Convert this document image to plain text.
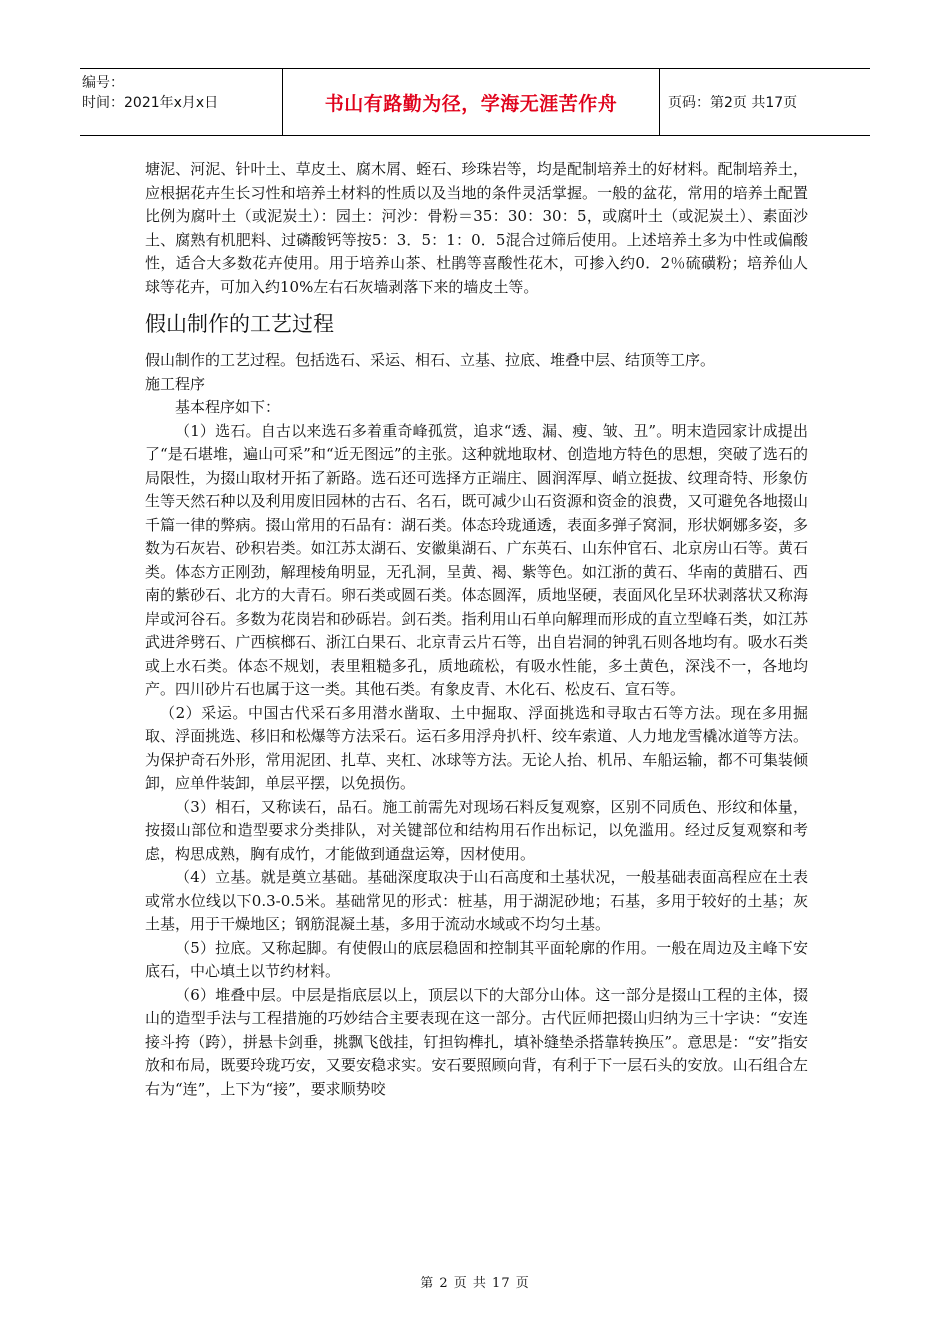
编号：
时间：2021年x月x日	书山有路勤为径，学海无涯苦作舟	页码：第2页 共17页

塘泥、河泥、针叶土、草皮土、腐木屑、蛭石、珍珠岩等，均是配制培养土的好材料。配制培养土，应根据花卉生长习性和培养土材料的性质以及当地的条件灵活掌握。一般的盆花，常用的培养土配置比例为腐叶土（或泥炭土）：园土：河沙：骨粉＝35：30：30：5，或腐叶土（或泥炭土）、素面沙土、腐熟有机肥料、过磷酸钙等按5：3．5：1：0．5混合过筛后使用。上述培养土多为中性或偏酸性，适合大多数花卉使用。用于培养山茶、杜鹃等喜酸性花木，可掺入约0．2％硫磺粉；培养仙人球等花卉，可加入约10%左右石灰墙剥落下来的墙皮土等。

假山制作的工艺过程

假山制作的工艺过程。包括选石、采运、相石、立基、拉底、堆叠中层、结顶等工序。

施工程序

基本程序如下：

（1）选石。自古以来选石多着重奇峰孤赏，追求“透、漏、瘦、皱、丑”。明末造园家计成提出了“是石堪堆，遍山可采”和“近无图远”的主张。这种就地取材、创造地方特色的思想，突破了选石的局限性，为掇山取材开拓了新路。选石还可选择方正端庄、圆润浑厚、峭立挺拔、纹理奇特、形象仿生等天然石种以及利用废旧园林的古石、名石，既可减少山石资源和资金的浪费，又可避免各地掇山千篇一律的弊病。掇山常用的石品有：湖石类。体态玲珑通透，表面多弹子窝洞，形状婀娜多姿，多数为石灰岩、砂积岩类。如江苏太湖石、安徽巢湖石、广东英石、山东仲官石、北京房山石等。黄石类。体态方正刚劲，解理棱角明显，无孔洞，呈黄、褐、紫等色。如江浙的黄石、华南的黄腊石、西南的紫砂石、北方的大青石。卵石类或圆石类。体态圆浑，质地坚硬，表面风化呈环状剥落状又称海岸或河谷石。多数为花岗岩和砂砾岩。剑石类。指利用山石单向解理而形成的直立型峰石类，如江苏武进斧劈石、广西槟榔石、浙江白果石、北京青云片石等，出自岩洞的钟乳石则各地均有。吸水石类或上水石类。体态不规划，表里粗糙多孔，质地疏松，有吸水性能，多土黄色，深浅不一，各地均产。四川砂片石也属于这一类。其他石类。有象皮青、木化石、松皮石、宣石等。

（2）采运。中国古代采石多用潜水凿取、土中掘取、浮面挑选和寻取古石等方法。现在多用掘取、浮面挑选、移旧和松爆等方法采石。运石多用浮舟扒杆、绞车索道、人力地龙雪橇冰道等方法。为保护奇石外形，常用泥团、扎草、夹杠、冰球等方法。无论人抬、机吊、车船运输，都不可集装倾卸，应单件装卸，单层平摆，以免损伤。

（3）相石，又称读石，品石。施工前需先对现场石料反复观察，区别不同质色、形纹和体量，按掇山部位和造型要求分类排队，对关键部位和结构用石作出标记，以免滥用。经过反复观察和考虑，构思成熟，胸有成竹，才能做到通盘运筹，因材使用。

（4）立基。就是奠立基础。基础深度取决于山石高度和土基状况，一般基础表面高程应在土表或常水位线以下0.3-0.5米。基础常见的形式：桩基，用于湖泥砂地；石基，多用于较好的土基；灰土基，用于干燥地区；钢筋混凝土基，多用于流动水域或不均匀土基。

（5）拉底。又称起脚。有使假山的底层稳固和控制其平面轮廓的作用。一般在周边及主峰下安底石，中心填土以节约材料。

（6）堆叠中层。中层是指底层以上，顶层以下的大部分山体。这一部分是掇山工程的主体，掇山的造型手法与工程措施的巧妙结合主要表现在这一部分。古代匠师把掇山归纳为三十字诀：“安连接斗挎（跨），拼悬卡剑垂，挑飘飞戗挂，钉担钩榫扎，填补缝垫杀搭靠转换压”。意思是：“安”指安放和布局，既要玲珑巧安，又要安稳求实。安石要照顾向背，有利于下一层石头的安放。山石组合左右为“连”，上下为“接”，要求顺势咬

第 2 页 共 17 页
